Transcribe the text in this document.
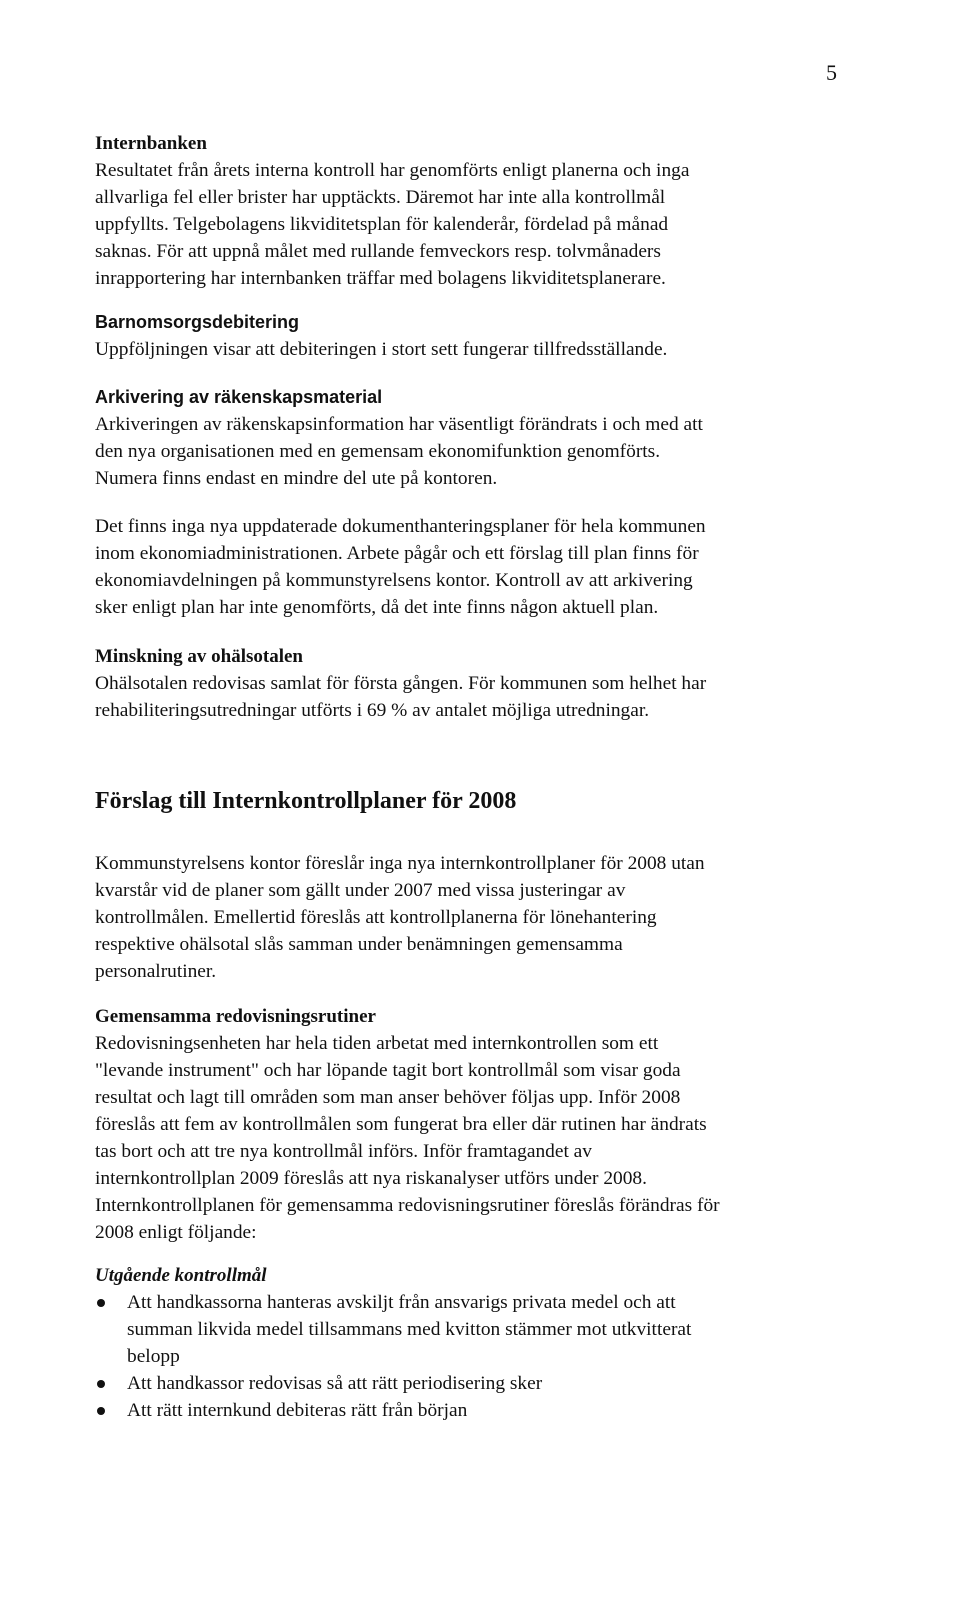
5
Internbanken

Resultatet från årets interna kontroll har genomförts enligt planerna och inga
allvarliga fel eller brister har upptäckts. Däremot har inte alla kontrollmål
uppfyllts. Telgebolagens likviditetsplan för kalenderår, fördelad på månad
saknas. För att uppnå målet med rullande femveckors resp. tolvmånaders
inrapportering har internbanken träffar med bolagens likviditetsplanerare.

Barnomsorgsdebitering

Uppföljningen visar att debiteringen i stort sett fungerar tillfredsställande.

Arkivering av räkenskapsmaterial

Arkiveringen av räkenskapsinformation har väsentligt förändrats i och med att
den nya organisationen med en gemensam ekonomifunktion genomförts.
Numera finns endast en mindre del ute på kontoren.

Det finns inga nya uppdaterade dokumenthanteringsplaner för hela kommunen
inom ekonomiadministrationen. Arbete pågår och ett förslag till plan finns för
ekonomiavdelningen på kommunstyrelsens kontor. Kontroll av att arkivering
sker enligt plan har inte genomförts, då det inte finns någon aktuell plan.

Minskning av ohälsotalen

Ohälsotalen redovisas samlat för första gången. För kommunen som helhet har
rehabiliteringsutredningar utförts i 69 % av antalet möjliga utredningar.

Förslag till Internkontrollplaner för 2008

Kommunstyrelsens kontor föreslår inga nya internkontrollplaner för 2008 utan
kvarstår vid de planer som gällt under 2007 med vissa justeringar av
kontrollmålen. Emellertid föreslås att kontrollplanerna för lönehantering
respektive ohälsotal slås samman under benämningen gemensamma
personalrutiner.

Gemensamma redovisningsrutiner

Redovisningsenheten har hela tiden arbetat med internkontrollen som ett
"levande instrument" och har löpande tagit bort kontrollmål som visar goda
resultat och lagt till områden som man anser behöver följas upp. Inför 2008
föreslås att fem av kontrollmålen som fungerat bra eller där rutinen har ändrats
tas bort och att tre nya kontrollmål införs. Inför framtagandet av
internkontrollplan 2009 föreslås att nya riskanalyser utförs under 2008.
Internkontrollplanen för gemensamma redovisningsrutiner föreslås förändras för
2008 enligt följande:

Utgående kontrollmål
Att handkassorna hanteras avskiljt från ansvarigs privata medel och att
summan likvida medel tillsammans med kvitton stämmer mot utkvitterat
belopp
Att handkassor redovisas så att rätt periodisering sker
Att rätt internkund debiteras rätt från början
